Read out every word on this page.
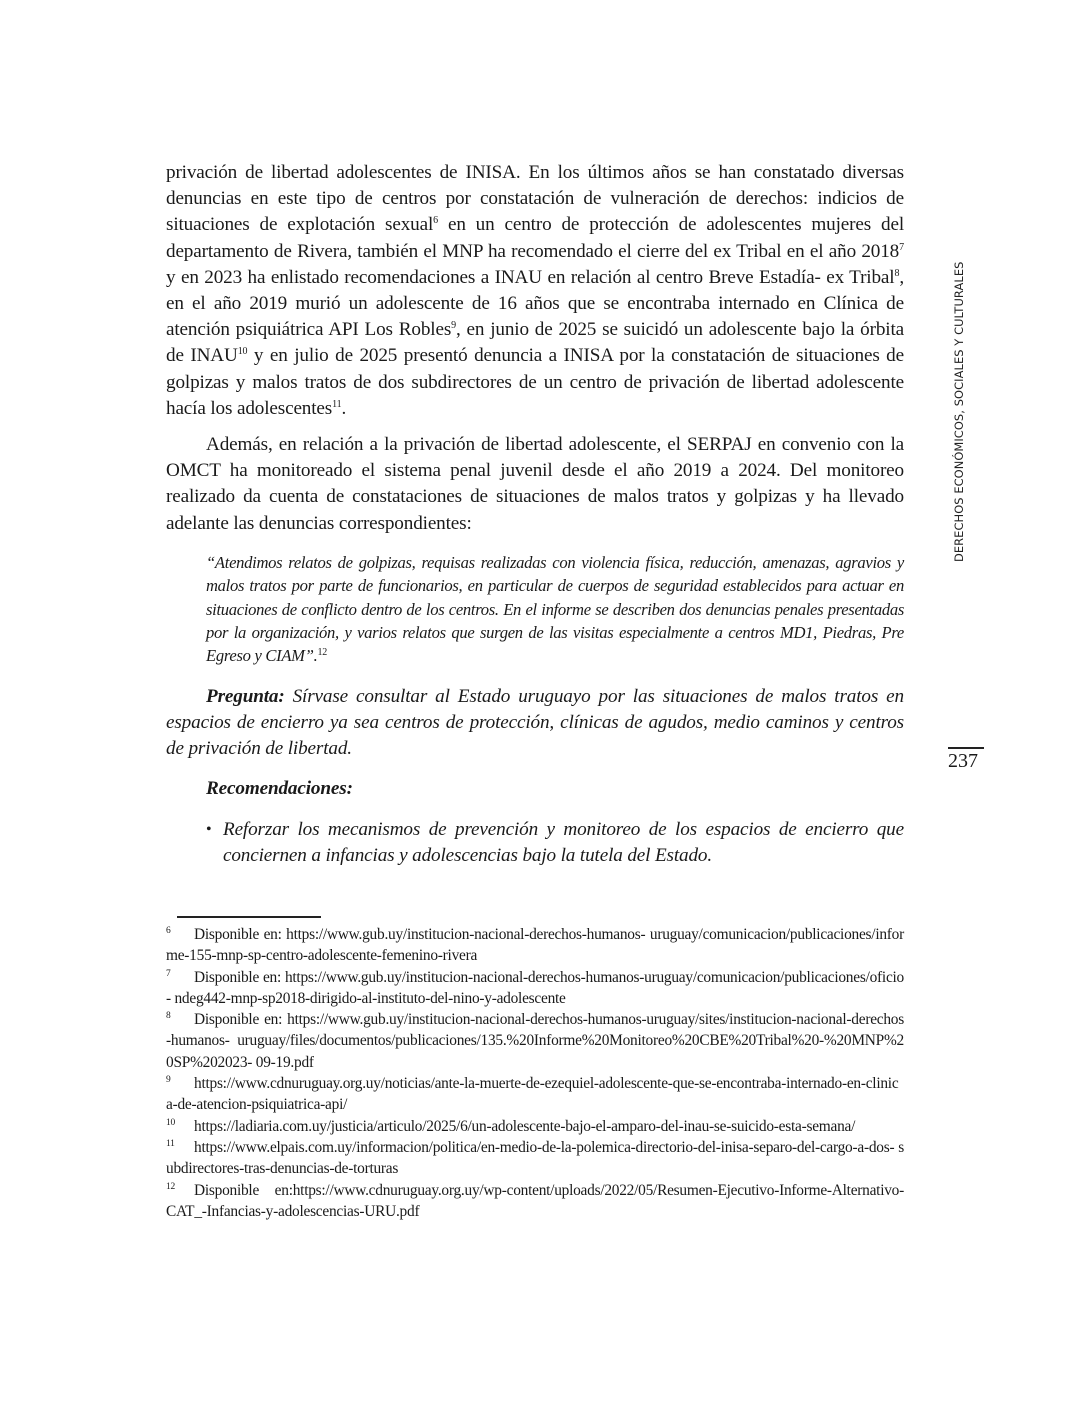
privación de libertad adolescentes de INISA. En los últimos años se han constatado diversas denuncias en este tipo de centros por constatación de vulneración de derechos: indicios de situaciones de explotación sexual$^6$ en un centro de protección de adolescentes mujeres del departamento de Rivera, también el MNP ha recomendado el cierre del ex Tribal en el año 2018$^7$ y en 2023 ha enlistado recomendaciones a INAU en relación al centro Breve Estadía- ex Tribal$^8$, en el año 2019 murió un adolescente de 16 años que se encontraba internado en Clínica de atención psiquiátrica API Los Robles$^9$, en junio de 2025 se suicidó un adolescente bajo la órbita de INAU$^{10}$ y en julio de 2025 presentó denuncia a INISA por la constatación de situaciones de golpizas y malos tratos de dos subdirectores de un centro de privación de libertad adolescente hacía los adolescentes$^{11}$.

Además, en relación a la privación de libertad adolescente, el SERPAJ en convenio con la OMCT ha monitoreado el sistema penal juvenil desde el año 2019 a 2024. Del monitoreo realizado da cuenta de constataciones de situaciones de malos tratos y golpizas y ha llevado adelante las denuncias correspondientes:

“Atendimos relatos de golpizas, requisas realizadas con violencia física, reducción, amenazas, agravios y malos tratos por parte de funcionarios, en particular de cuerpos de seguridad establecidos para actuar en situaciones de conflicto dentro de los centros. En el informe se describen dos denuncias penales presentadas por la organización, y varios relatos que surgen de las visitas especialmente a centros MD1, Piedras, Pre Egreso y CIAM”.$^{12}$

Pregunta: Sírvase consultar al Estado uruguayo por las situaciones de malos tratos en espacios de encierro ya sea centros de protección, clínicas de agudos, medio caminos y centros de privación de libertad.

Recomendaciones:

• Reforzar los mecanismos de prevención y monitoreo de los espacios de encierro que conciernen a infancias y adolescencias bajo la tutela del Estado.
DERECHOS ECONÓMICOS, SOCIALES Y CULTURALES
237

6 Disponible en: https://www.gub.uy/institucion-nacional-derechos-humanos- uruguay/comunicacion/publicaciones/informe-155-mnp-sp-centro-adolescente-femenino-rivera

7 Disponible en: https://www.gub.uy/institucion-nacional-derechos-humanos-uruguay/comunicacion/publicaciones/oficio- ndeg442-mnp-sp2018-dirigido-al-instituto-del-nino-y-adolescente

8 Disponible en: https://www.gub.uy/institucion-nacional-derechos-humanos-uruguay/sites/institucion-nacional-derechos-humanos- uruguay/files/documentos/publicaciones/135.%20Informe%20Monitoreo%20CBE%20Tribal%20-%20MNP%20SP%202023- 09-19.pdf

9 https://www.cdnuruguay.org.uy/noticias/ante-la-muerte-de-ezequiel-adolescente-que-se-encontraba-internado-en-clinica-de-atencion-psiquiatrica-api/

10 https://ladiaria.com.uy/justicia/articulo/2025/6/un-adolescente-bajo-el-amparo-del-inau-se-suicido-esta-semana/

11 https://www.elpais.com.uy/informacion/politica/en-medio-de-la-polemica-directorio-del-inisa-separo-del-cargo-a-dos- subdirectores-tras-denuncias-de-torturas

12 Disponible en:https://www.cdnuruguay.org.uy/wp-content/uploads/2022/05/Resumen-Ejecutivo-Informe-Alternativo- CAT_-Infancias-y-adolescencias-URU.pdf
